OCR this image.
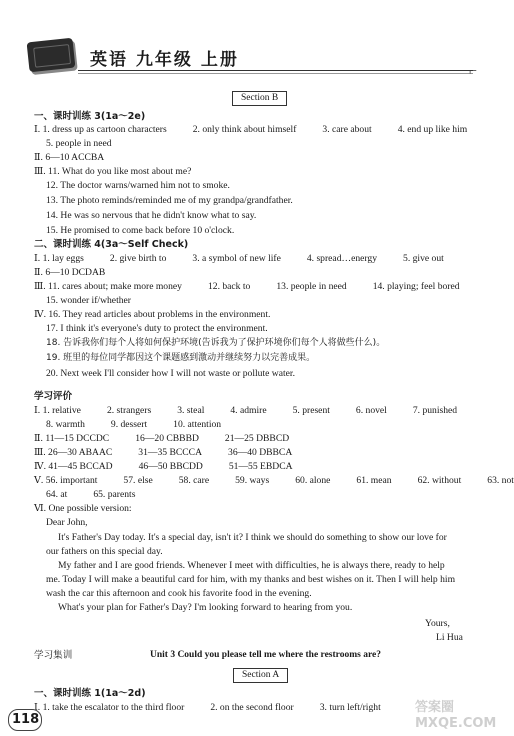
英语 九年级 上册
⌐
Section B
一、课时训练 3(1a～2e)
Ⅰ. 1. dress up as cartoon characters	2. only think about himself	3. care about	4. end up like him
5. people in need
Ⅱ. 6—10 ACCBA
Ⅲ. 11. What do you like most about me?
12. The doctor warns/warned him not to smoke.
13. The photo reminds/reminded me of my grandpa/grandfather.
14. He was so nervous that he didn't know what to say.
15. He promised to come back before 10 o'clock.
二、课时训练 4(3a～Self Check)
Ⅰ. 1. lay eggs	2. give birth to	3. a symbol of new life	4. spread…energy	5. give out
Ⅱ. 6—10 DCDAB
Ⅲ. 11. cares about; make more money	12. back to	13. people in need	14. playing; feel bored
15. wonder if/whether
Ⅳ. 16. They read articles about problems in the environment.
17. I think it's everyone's duty to protect the environment.
18. 告诉我你们每个人将如何保护环境(告诉我为了保护环境你们每个人将做些什么)。
19. 班里的每位同学都因这个课题感到激动并继续努力以完善成果。
20. Next week I'll consider how I will not waste or pollute water.
学习评价
Ⅰ. 1. relative	2. strangers	3. steal	4. admire	5. present	6. novel	7. punished
8. warmth	9. dessert	10. attention
Ⅱ. 11—15 DCCDC	16—20 CBBBD	21—25 DBBCD
Ⅲ. 26—30 ABAAC	31—35 BCCCA	36—40 DBBCA
Ⅳ. 41—45 BCCAD	46—50 BBCDD	51—55 EBDCA
Ⅴ. 56. important	57. else	58. care	59. ways	60. alone	61. mean	62. without	63. not
64. at	65. parents
Ⅵ. One possible version:
Dear John,
It's Father's Day today. It's a special day, isn't it? I think we should do something to show our love for
our fathers on this special day.
My father and I are good friends. Whenever I meet with difficulties, he is always there, ready to help
me. Today I will make a beautiful card for him, with my thanks and best wishes on it. Then I will help him
wash the car this afternoon and cook his favorite food in the evening.
What's your plan for Father's Day? I'm looking forward to hearing from you.
Yours,
Li Hua
学习集训	Unit 3 Could you please tell me where the restrooms are?
Section A
一、课时训练 1(1a～2d)
Ⅰ. 1. take the escalator to the third floor	2. on the second floor	3. turn left/right
118
答案圈 MXQE.COM
